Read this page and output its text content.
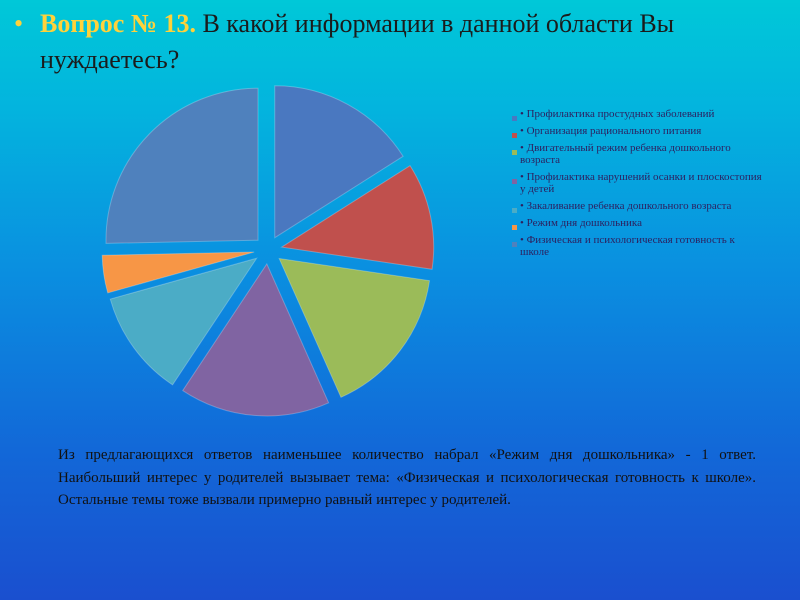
• Вопрос № 13. В какой информации в данной области Вы нуждаетесь?
• Профилактика простудных заболеваний
• Организация рационального питания
• Двигательный режим ребенка дошкольного возраста
• Профилактика нарушений осанки и плоскостопия у детей
• Закаливание ребенка дошкольного возраста
• Режим дня дошкольника
• Физическая и психологическая готовность к школе
Из предлагающихся ответов наименьшее количество набрал «Режим дня дошкольника» - 1 ответ. Наибольший интерес у родителей вызывает тема: «Физическая и психологическая готовность к школе». Остальные темы тоже вызвали примерно равный интерес у родителей.
